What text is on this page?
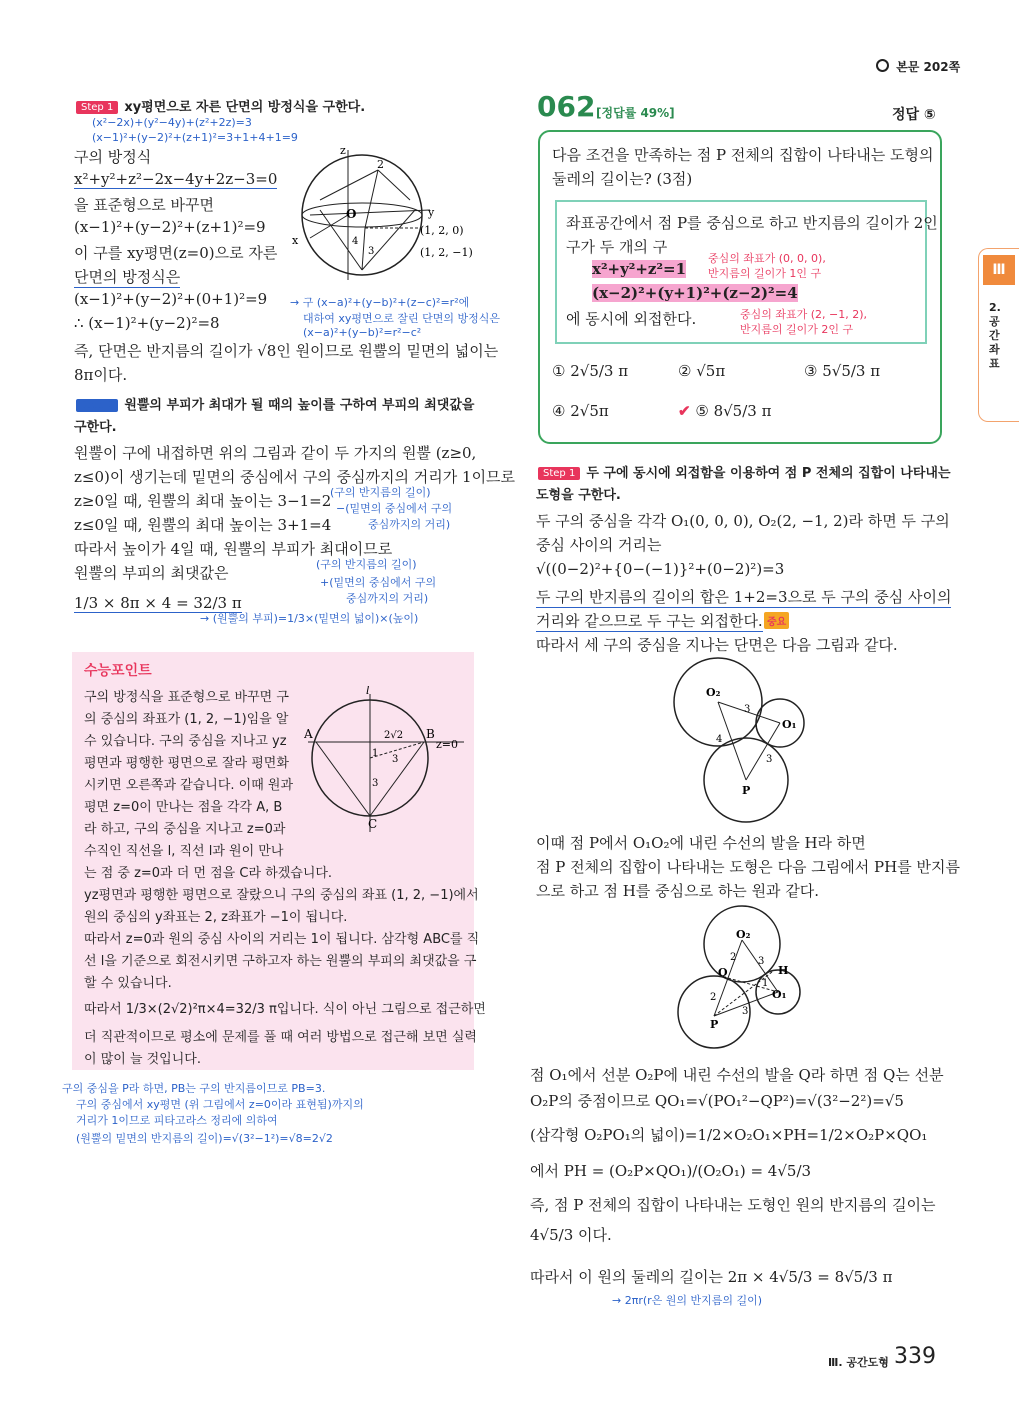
본문 202쪽
Step 1 xy평면으로 자른 단면의 방정식을 구한다.
(x²−2x)+(y²−4y)+(z²+2z)=3
(x−1)²+(y−2)²+(z+1)²=3+1+4+1=9
구의 방정식
x²+y²+z²−2x−4y+2z−3=0
을 표준형으로 바꾸면
(x−1)²+(y−2)²+(z+1)²=9
이 구를 xy평면(z=0)으로 자른
단면의 방정식은
(x−1)²+(y−2)²+(0+1)²=9
∴ (x−1)²+(y−2)²=8
→ 구 (x−a)²+(y−b)²+(z−c)²=r²에
대하여 xy평면으로 잘린 단면의 방정식은
(x−a)²+(y−b)²=r²−c²
즉, 단면은 반지름의 길이가 √8인 원이므로 원뿔의 밑면의 넓이는
8π이다.
z
2
O	y
x	4
3
(1, 2, 0)
(1, 2, −1)
Step 2 원뿔의 부피가 최대가 될 때의 높이를 구하여 부피의 최댓값을
구한다.
원뿔이 구에 내접하면 위의 그림과 같이 두 가지의 원뿔 (z≥0,
z≤0)이 생기는데 밑면의 중심에서 구의 중심까지의 거리가 1이므로
z≥0일 때, 원뿔의 최대 높이는 3−1=2
z≤0일 때, 원뿔의 최대 높이는 3+1=4
따라서 높이가 4일 때, 원뿔의 부피가 최대이므로
원뿔의 부피의 최댓값은
1/3 × 8π × 4 = 32/3 π
(구의 반지름의 길이)
−(밑면의 중심에서 구의
중심까지의 거리)
(구의 반지름의 길이)
+(밑면의 중심에서 구의
중심까지의 거리)
→ (원뿔의 부피)=1/3×(밑면의 넓이)×(높이)
수능포인트
구의 방정식을 표준형으로 바꾸면 구
의 중심의 좌표가 (1, 2, −1)임을 알
수 있습니다. 구의 중심을 지나고 yz
평면과 평행한 평면으로 잘라 평면화
시키면 오른쪽과 같습니다. 이때 원과
평면 z=0이 만나는 점을 각각 A, B
라 하고, 구의 중심을 지나고 z=0과
수직인 직선을 l, 직선 l과 원이 만나
는 점 중 z=0과 더 먼 점을 C라 하겠습니다.
yz평면과 평행한 평면으로 잘랐으니 구의 중심의 좌표 (1, 2, −1)에서
원의 중심의 y좌표는 2, z좌표가 −1이 됩니다.
따라서 z=0과 원의 중심 사이의 거리는 1이 됩니다. 삼각형 ABC를 직
선 l을 기준으로 회전시키면 구하고자 하는 원뿔의 부피의 최댓값을 구
할 수 있습니다.
따라서 1/3×(2√2)²π×4=32/3 π입니다. 식이 아닌 그림으로 접근하면
더 직관적이므로 평소에 문제를 풀 때 여러 방법으로 접근해 보면 실력
이 많이 늘 것입니다.
l
A	B
C
z=0
2√2
1
3
3
구의 중심을 P라 하면, PB는 구의 반지름이므로 PB=3.
구의 중심에서 xy평면 (위 그림에서 z=0이라 표현됨)까지의
거리가 1이므로 피타고라스 정리에 의하여
(원뿔의 밑면의 반지름의 길이)=√(3²−1²)=√8=2√2
062 [정답률 49%]	정답 ⑤
다음 조건을 만족하는 점 P 전체의 집합이 나타내는 도형의
둘레의 길이는? (3점)
좌표공간에서 점 P를 중심으로 하고 반지름의 길이가 2인
구가 두 개의 구
x²+y²+z²=1
(x−2)²+(y+1)²+(z−2)²=4
에 동시에 외접한다.
중심의 좌표가 (0, 0, 0),
반지름의 길이가 1인 구
중심의 좌표가 (2, −1, 2),
반지름의 길이가 2인 구
① 2√5/3 π	② √5π	③ 5√5/3 π
④ 2√5π	✔ ⑤ 8√5/3 π
Step 1 두 구에 동시에 외접함을 이용하여 점 P 전체의 집합이 나타내는
도형을 구한다.
두 구의 중심을 각각 O₁(0, 0, 0), O₂(2, −1, 2)라 하면 두 구의
중심 사이의 거리는
√((0−2)²+{0−(−1)}²+(0−2)²)=3
두 구의 반지름의 길이의 합은 1+2=3으로 두 구의 중심 사이의
거리와 같으므로 두 구는 외접한다. 중요
따라서 세 구의 중심을 지나는 단면은 다음 그림과 같다.
O₂
O₁
P
3
4
3
이때 점 P에서 O₁O₂에 내린 수선의 발을 H라 하면
점 P 전체의 집합이 나타내는 도형은 다음 그림에서 PH를 반지름
으로 하고 점 H를 중심으로 하는 원과 같다.
O₂
O₁
P
Q	H
2
2
3
3
1
점 O₁에서 선분 O₂P에 내린 수선의 발을 Q라 하면 점 Q는 선분
O₂P의 중점이므로 QO₁=√(PO₁²−QP²)=√(3²−2²)=√5
(삼각형 O₂PO₁의 넓이)=1/2×O₂O₁×PH=1/2×O₂P×QO₁
에서 PH = (O₂P×QO₁)/(O₂O₁) = 4√5/3
즉, 점 P 전체의 집합이 나타내는 도형인 원의 반지름의 길이는
4√5/3 이다.
따라서 이 원의 둘레의 길이는 2π × 4√5/3 = 8√5/3 π
→ 2πr(r은 원의 반지름의 길이)
Ⅲ
2. 공간좌표
Ⅲ. 공간도형 339
